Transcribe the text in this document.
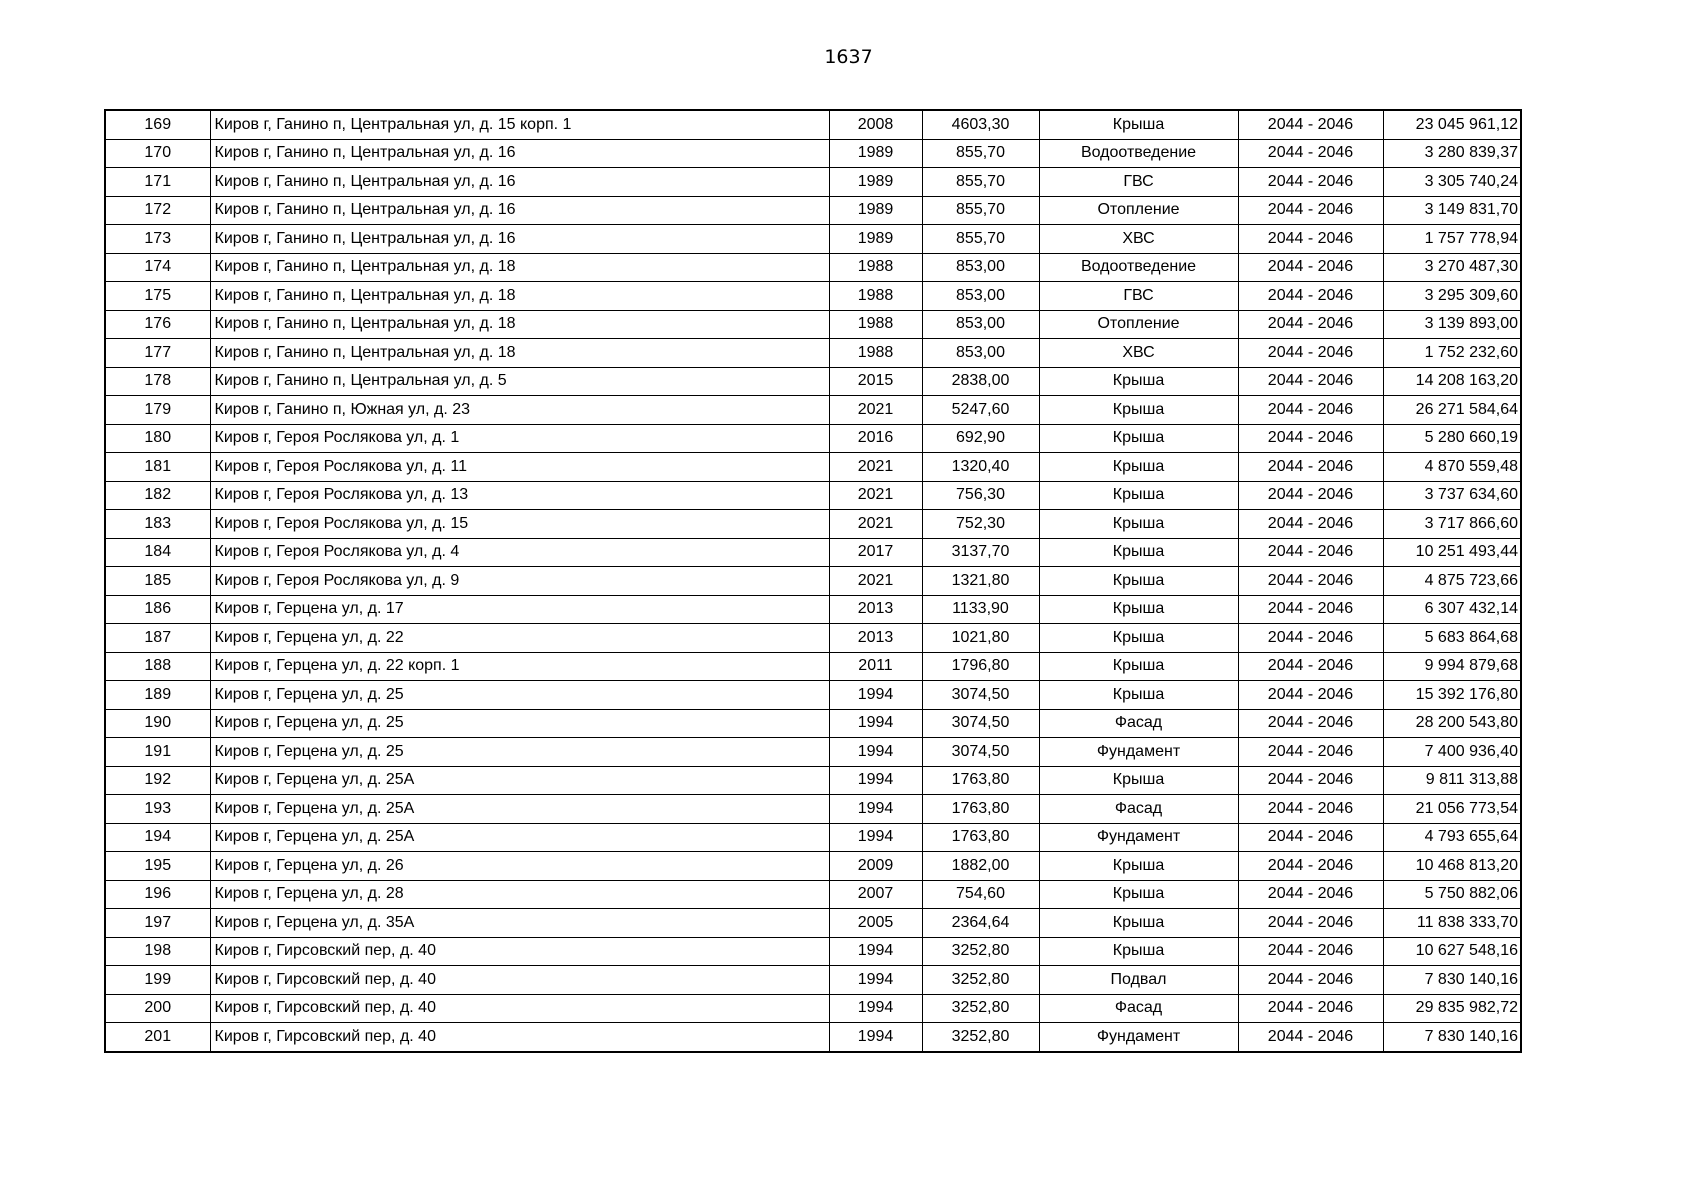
1637
169	Киров г, Ганино п, Центральная ул, д. 15 корп. 1	2008	4603,30	Крыша	2044 - 2046	23 045 961,12
170	Киров г, Ганино п, Центральная ул, д. 16	1989	855,70	Водоотведение	2044 - 2046	3 280 839,37
171	Киров г, Ганино п, Центральная ул, д. 16	1989	855,70	ГВС	2044 - 2046	3 305 740,24
172	Киров г, Ганино п, Центральная ул, д. 16	1989	855,70	Отопление	2044 - 2046	3 149 831,70
173	Киров г, Ганино п, Центральная ул, д. 16	1989	855,70	ХВС	2044 - 2046	1 757 778,94
174	Киров г, Ганино п, Центральная ул, д. 18	1988	853,00	Водоотведение	2044 - 2046	3 270 487,30
175	Киров г, Ганино п, Центральная ул, д. 18	1988	853,00	ГВС	2044 - 2046	3 295 309,60
176	Киров г, Ганино п, Центральная ул, д. 18	1988	853,00	Отопление	2044 - 2046	3 139 893,00
177	Киров г, Ганино п, Центральная ул, д. 18	1988	853,00	ХВС	2044 - 2046	1 752 232,60
178	Киров г, Ганино п, Центральная ул, д. 5	2015	2838,00	Крыша	2044 - 2046	14 208 163,20
179	Киров г, Ганино п, Южная ул, д. 23	2021	5247,60	Крыша	2044 - 2046	26 271 584,64
180	Киров г, Героя Рослякова ул, д. 1	2016	692,90	Крыша	2044 - 2046	5 280 660,19
181	Киров г, Героя Рослякова ул, д. 11	2021	1320,40	Крыша	2044 - 2046	4 870 559,48
182	Киров г, Героя Рослякова ул, д. 13	2021	756,30	Крыша	2044 - 2046	3 737 634,60
183	Киров г, Героя Рослякова ул, д. 15	2021	752,30	Крыша	2044 - 2046	3 717 866,60
184	Киров г, Героя Рослякова ул, д. 4	2017	3137,70	Крыша	2044 - 2046	10 251 493,44
185	Киров г, Героя Рослякова ул, д. 9	2021	1321,80	Крыша	2044 - 2046	4 875 723,66
186	Киров г, Герцена ул, д. 17	2013	1133,90	Крыша	2044 - 2046	6 307 432,14
187	Киров г, Герцена ул, д. 22	2013	1021,80	Крыша	2044 - 2046	5 683 864,68
188	Киров г, Герцена ул, д. 22 корп. 1	2011	1796,80	Крыша	2044 - 2046	9 994 879,68
189	Киров г, Герцена ул, д. 25	1994	3074,50	Крыша	2044 - 2046	15 392 176,80
190	Киров г, Герцена ул, д. 25	1994	3074,50	Фасад	2044 - 2046	28 200 543,80
191	Киров г, Герцена ул, д. 25	1994	3074,50	Фундамент	2044 - 2046	7 400 936,40
192	Киров г, Герцена ул, д. 25А	1994	1763,80	Крыша	2044 - 2046	9 811 313,88
193	Киров г, Герцена ул, д. 25А	1994	1763,80	Фасад	2044 - 2046	21 056 773,54
194	Киров г, Герцена ул, д. 25А	1994	1763,80	Фундамент	2044 - 2046	4 793 655,64
195	Киров г, Герцена ул, д. 26	2009	1882,00	Крыша	2044 - 2046	10 468 813,20
196	Киров г, Герцена ул, д. 28	2007	754,60	Крыша	2044 - 2046	5 750 882,06
197	Киров г, Герцена ул, д. 35А	2005	2364,64	Крыша	2044 - 2046	11 838 333,70
198	Киров г, Гирсовский пер, д. 40	1994	3252,80	Крыша	2044 - 2046	10 627 548,16
199	Киров г, Гирсовский пер, д. 40	1994	3252,80	Подвал	2044 - 2046	7 830 140,16
200	Киров г, Гирсовский пер, д. 40	1994	3252,80	Фасад	2044 - 2046	29 835 982,72
201	Киров г, Гирсовский пер, д. 40	1994	3252,80	Фундамент	2044 - 2046	7 830 140,16
